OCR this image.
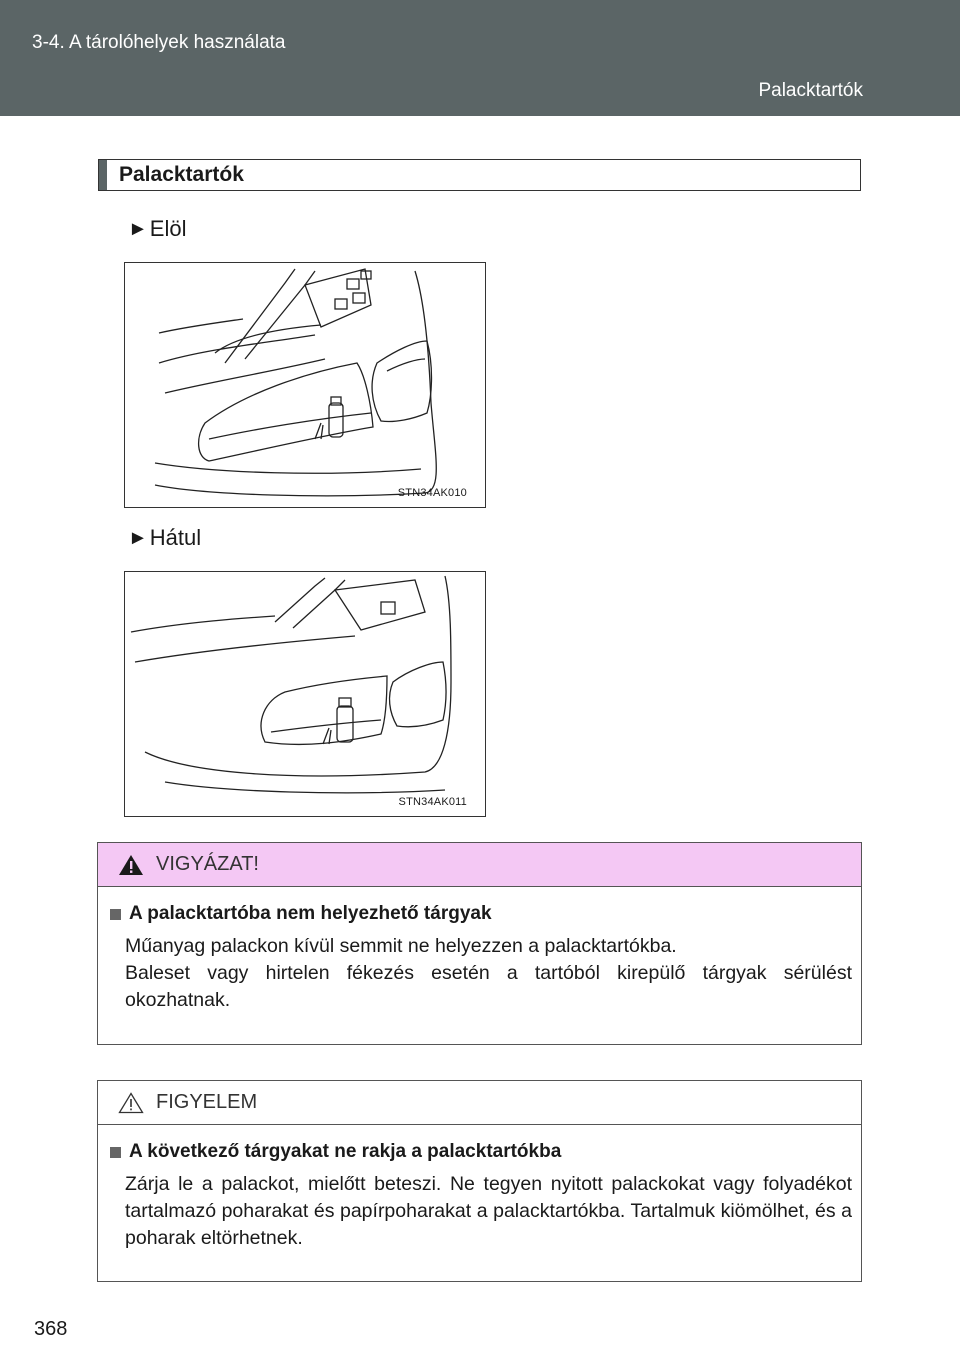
3-4. A tárolóhelyek használata
Palacktartók
Palacktartók
► Elöl
STN34AK010
► Hátul
STN34AK011
VIGYÁZAT!
A palacktartóba nem helyezhető tárgyak

Műanyag palackon kívül semmit ne helyezzen a palacktartókba.

Baleset vagy hirtelen fékezés esetén a tartóból kirepülő tárgyak sérülést okozhatnak.

FIGYELEM
A következő tárgyakat ne rakja a palacktartókba

Zárja le a palackot, mielőtt beteszi. Ne tegyen nyitott palackokat vagy folyadékot tartalmazó poharakat és papírpoharakat a palacktartókba. Tartalmuk kiömölhet, és a poharak eltörhetnek.

368
